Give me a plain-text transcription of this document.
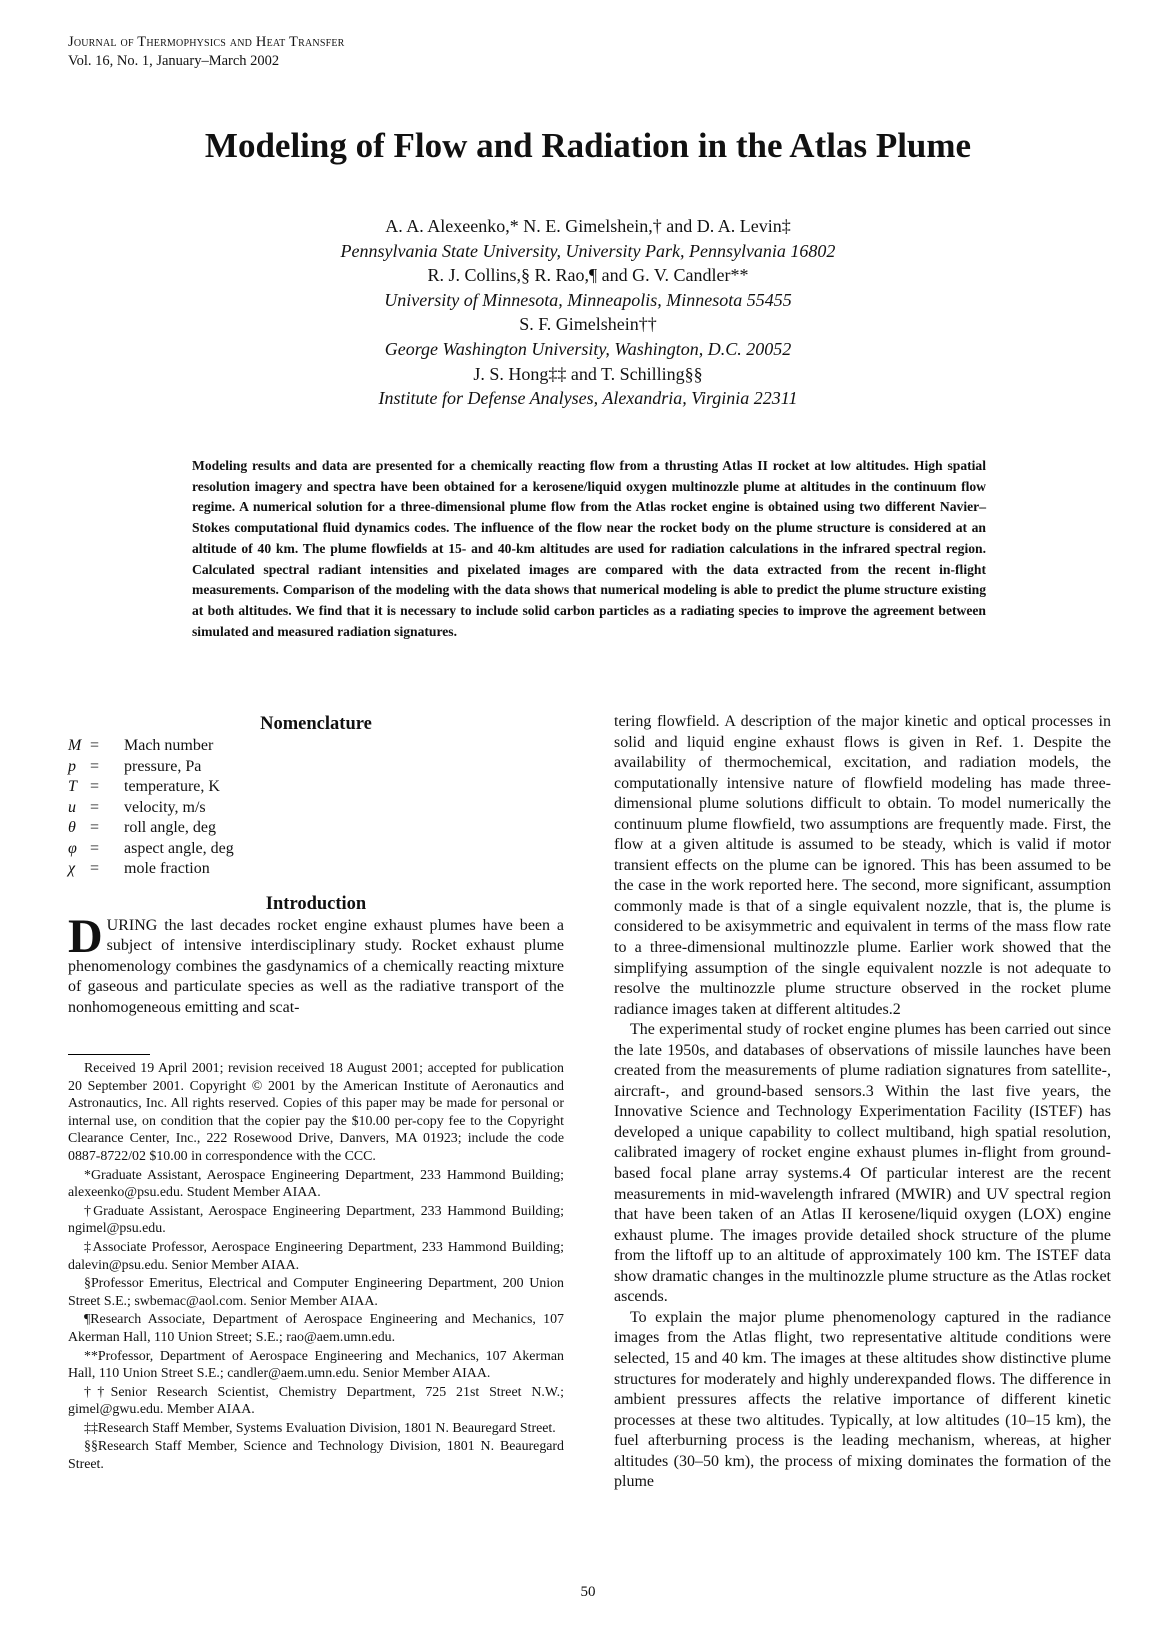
Journal of Thermophysics and Heat Transfer
Vol. 16, No. 1, January–March 2002
Modeling of Flow and Radiation in the Atlas Plume
A. A. Alexeenko,* N. E. Gimelshein,† and D. A. Levin‡
Pennsylvania State University, University Park, Pennsylvania 16802
R. J. Collins,§ R. Rao,¶ and G. V. Candler**
University of Minnesota, Minneapolis, Minnesota 55455
S. F. Gimelshein††
George Washington University, Washington, D.C. 20052
J. S. Hong‡‡ and T. Schilling§§
Institute for Defense Analyses, Alexandria, Virginia 22311
Modeling results and data are presented for a chemically reacting flow from a thrusting Atlas II rocket at low altitudes. High spatial resolution imagery and spectra have been obtained for a kerosene/liquid oxygen multinozzle plume at altitudes in the continuum flow regime. A numerical solution for a three-dimensional plume flow from the Atlas rocket engine is obtained using two different Navier–Stokes computational fluid dynamics codes. The influence of the flow near the rocket body on the plume structure is considered at an altitude of 40 km. The plume flowfields at 15- and 40-km altitudes are used for radiation calculations in the infrared spectral region. Calculated spectral radiant intensities and pixelated images are compared with the data extracted from the recent in-flight measurements. Comparison of the modeling with the data shows that numerical modeling is able to predict the plume structure existing at both altitudes. We find that it is necessary to include solid carbon particles as a radiating species to improve the agreement between simulated and measured radiation signatures.
Nomenclature
M	=	Mach number
p	=	pressure, Pa
T	=	temperature, K
u	=	velocity, m/s
θ	=	roll angle, deg
φ	=	aspect angle, deg
χ	=	mole fraction
Introduction

DURING the last decades rocket engine exhaust plumes have been a subject of intensive interdisciplinary study. Rocket exhaust plume phenomenology combines the gasdynamics of a chemically reacting mixture of gaseous and particulate species as well as the radiative transport of the nonhomogeneous emitting and scat-

Received 19 April 2001; revision received 18 August 2001; accepted for publication 20 September 2001. Copyright © 2001 by the American Institute of Aeronautics and Astronautics, Inc. All rights reserved. Copies of this paper may be made for personal or internal use, on condition that the copier pay the $10.00 per-copy fee to the Copyright Clearance Center, Inc., 222 Rosewood Drive, Danvers, MA 01923; include the code 0887-8722/02 $10.00 in correspondence with the CCC.

*Graduate Assistant, Aerospace Engineering Department, 233 Hammond Building; alexeenko@psu.edu. Student Member AIAA.

†Graduate Assistant, Aerospace Engineering Department, 233 Hammond Building; ngimel@psu.edu.

‡Associate Professor, Aerospace Engineering Department, 233 Hammond Building; dalevin@psu.edu. Senior Member AIAA.

§Professor Emeritus, Electrical and Computer Engineering Department, 200 Union Street S.E.; swbemac@aol.com. Senior Member AIAA.

¶Research Associate, Department of Aerospace Engineering and Mechanics, 107 Akerman Hall, 110 Union Street; S.E.; rao@aem.umn.edu.

**Professor, Department of Aerospace Engineering and Mechanics, 107 Akerman Hall, 110 Union Street S.E.; candler@aem.umn.edu. Senior Member AIAA.

††Senior Research Scientist, Chemistry Department, 725 21st Street N.W.; gimel@gwu.edu. Member AIAA.

‡‡Research Staff Member, Systems Evaluation Division, 1801 N. Beauregard Street.

§§Research Staff Member, Science and Technology Division, 1801 N. Beauregard Street.

tering flowfield. A description of the major kinetic and optical processes in solid and liquid engine exhaust flows is given in Ref. 1. Despite the availability of thermochemical, excitation, and radiation models, the computationally intensive nature of flowfield modeling has made three-dimensional plume solutions difficult to obtain. To model numerically the continuum plume flowfield, two assumptions are frequently made. First, the flow at a given altitude is assumed to be steady, which is valid if motor transient effects on the plume can be ignored. This has been assumed to be the case in the work reported here. The second, more significant, assumption commonly made is that of a single equivalent nozzle, that is, the plume is considered to be axisymmetric and equivalent in terms of the mass flow rate to a three-dimensional multinozzle plume. Earlier work showed that the simplifying assumption of the single equivalent nozzle is not adequate to resolve the multinozzle plume structure observed in the rocket plume radiance images taken at different altitudes.2

The experimental study of rocket engine plumes has been carried out since the late 1950s, and databases of observations of missile launches have been created from the measurements of plume radiation signatures from satellite-, aircraft-, and ground-based sensors.3 Within the last five years, the Innovative Science and Technology Experimentation Facility (ISTEF) has developed a unique capability to collect multiband, high spatial resolution, calibrated imagery of rocket engine exhaust plumes in-flight from ground-based focal plane array systems.4 Of particular interest are the recent measurements in mid-wavelength infrared (MWIR) and UV spectral region that have been taken of an Atlas II kerosene/liquid oxygen (LOX) engine exhaust plume. The images provide detailed shock structure of the plume from the liftoff up to an altitude of approximately 100 km. The ISTEF data show dramatic changes in the multinozzle plume structure as the Atlas rocket ascends.

To explain the major plume phenomenology captured in the radiance images from the Atlas flight, two representative altitude conditions were selected, 15 and 40 km. The images at these altitudes show distinctive plume structures for moderately and highly underexpanded flows. The difference in ambient pressures affects the relative importance of different kinetic processes at these two altitudes. Typically, at low altitudes (10–15 km), the fuel afterburning process is the leading mechanism, whereas, at higher altitudes (30–50 km), the process of mixing dominates the formation of the plume

50
